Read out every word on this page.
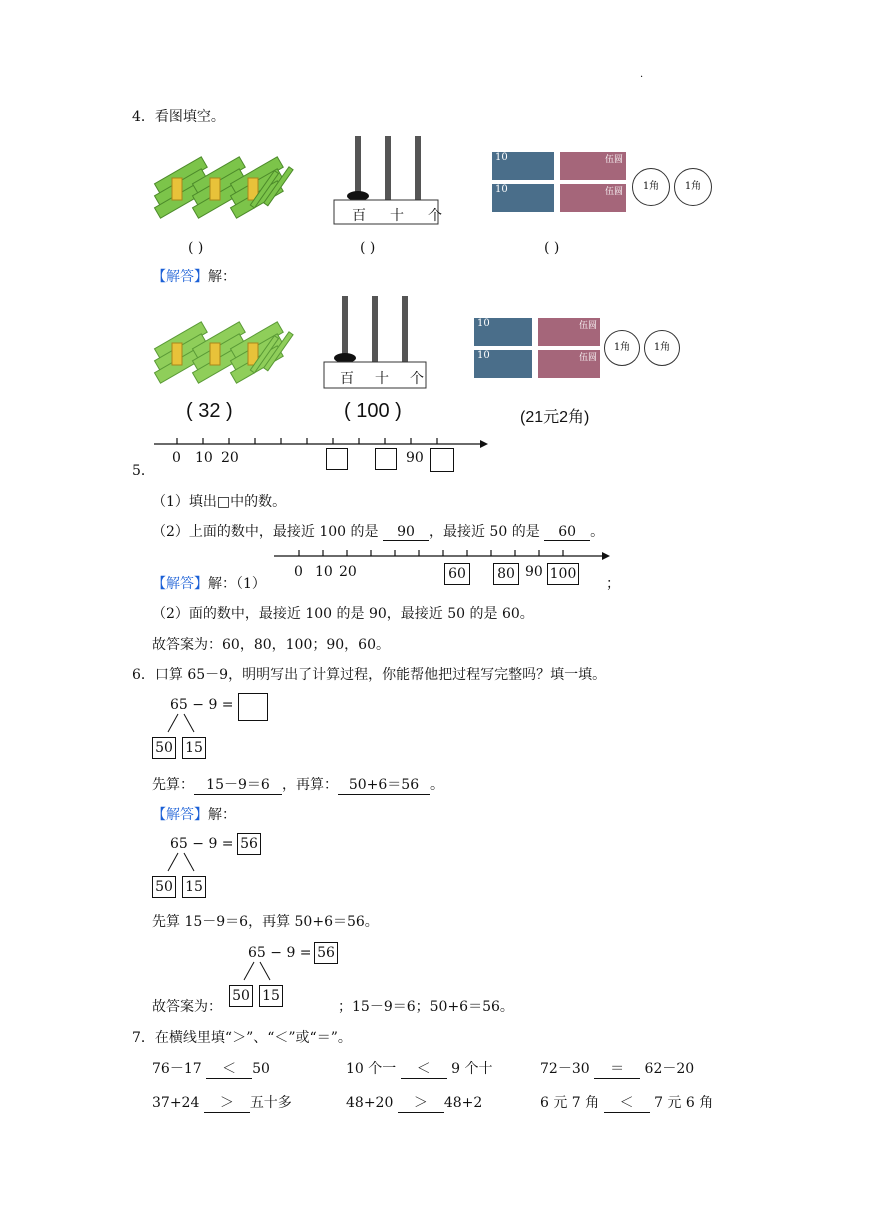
·
4．看图填空。
( )
百 十 个
( )
10
10
伍圆
伍圆	1角	1角
( )
【解答】解：
百 十 个
10
10
伍圆
伍圆
1角	1角
( 32 )	( 100 )	(21元2角)
5．
0 10 20	90
（1）填出□中的数。
（2）上面的数中，最接近 100 的是 90 ，最接近 50 的是 60 。
【解答】解：（1）
0 10 20	60 80 90 100
；
（2）面的数中，最接近 100 的是 90，最接近 50 的是 60。
故答案为：60，80，100；90，60。
6．口算 65－9，明明写出了计算过程，你能帮他把过程写完整吗？填一填。
65 − 9 =
50 15
先算： 15－9＝6 ，再算： 50+6＝56 。
【解答】解：
65 − 9 = 56
50 15
先算 15－9＝6，再算 50+6＝56。
65 − 9 = 56
50 15
故答案为：	；15－9＝6；50+6＝56。
7．在横线里填“＞”、“＜”或“＝”。
76－17 ＜ 50	10 个一 ＜ 9 个十	72－30 ＝ 62－20
37+24 ＞ 五十多	48+20 ＞ 48+2	6 元 7 角 ＜ 7 元 6 角
